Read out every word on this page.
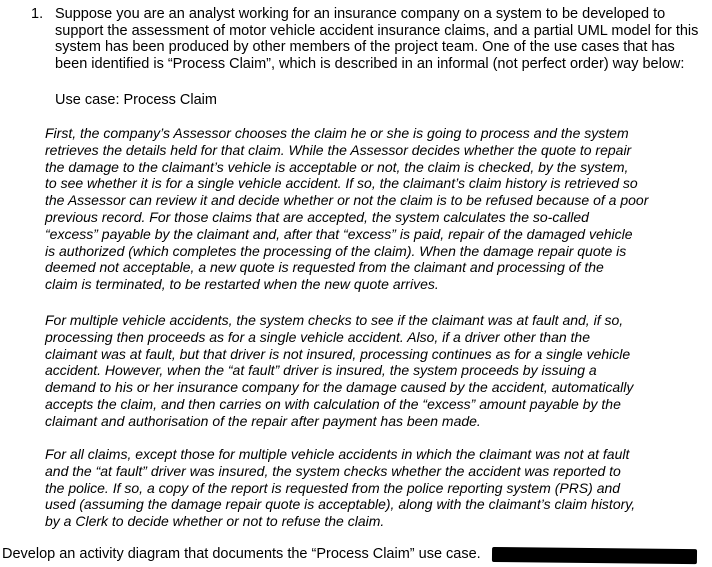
1. Suppose you are an analyst working for an insurance company on a system to be developed to
support the assessment of motor vehicle accident insurance claims, and a partial UML model for this
system has been produced by other members of the project team. One of the use cases that has
been identified is “Process Claim”, which is described in an informal (not perfect order) way below:
Use case: Process Claim
First, the company’s Assessor chooses the claim he or she is going to process and the system
retrieves the details held for that claim. While the Assessor decides whether the quote to repair
the damage to the claimant’s vehicle is acceptable or not, the claim is checked, by the system,
to see whether it is for a single vehicle accident. If so, the claimant’s claim history is retrieved so
the Assessor can review it and decide whether or not the claim is to be refused because of a poor
previous record. For those claims that are accepted, the system calculates the so-called
“excess” payable by the claimant and, after that “excess” is paid, repair of the damaged vehicle
is authorized (which completes the processing of the claim). When the damage repair quote is
deemed not acceptable, a new quote is requested from the claimant and processing of the
claim is terminated, to be restarted when the new quote arrives.
For multiple vehicle accidents, the system checks to see if the claimant was at fault and, if so,
processing then proceeds as for a single vehicle accident. Also, if a driver other than the
claimant was at fault, but that driver is not insured, processing continues as for a single vehicle
accident. However, when the “at fault” driver is insured, the system proceeds by issuing a
demand to his or her insurance company for the damage caused by the accident, automatically
accepts the claim, and then carries on with calculation of the “excess” amount payable by the
claimant and authorisation of the repair after payment has been made.
For all claims, except those for multiple vehicle accidents in which the claimant was not at fault
and the “at fault” driver was insured, the system checks whether the accident was reported to
the police. If so, a copy of the report is requested from the police reporting system (PRS) and
used (assuming the damage repair quote is acceptable), along with the claimant’s claim history,
by a Clerk to decide whether or not to refuse the claim.
Develop an activity diagram that documents the “Process Claim” use case.
